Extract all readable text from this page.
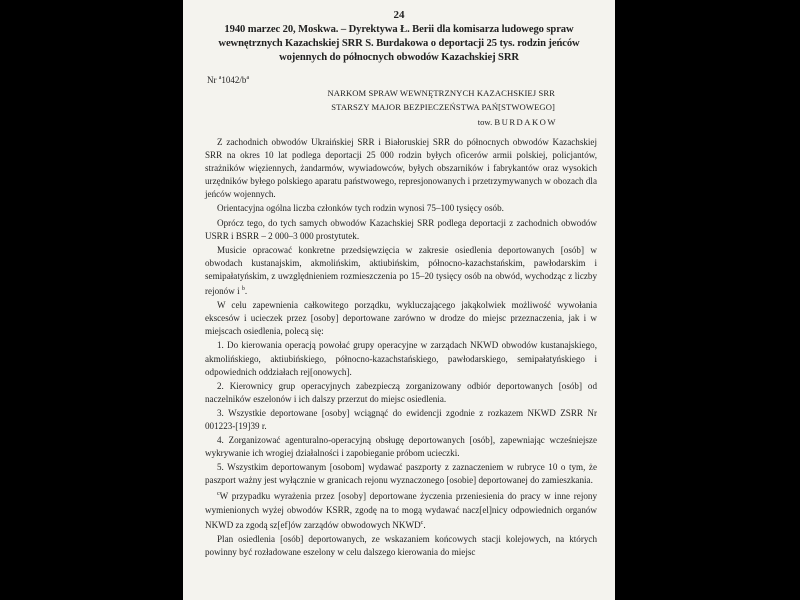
24
1940 marzec 20, Moskwa. – Dyrektywa Ł. Berii dla komisarza ludowego spraw wewnętrznych Kazachskiej SRR S. Burdakowa o deportacji 25 tys. rodzin jeńców wojennych do północnych obwodów Kazachskiej SRR
Nr $^a1042/b^a$
NARKOM SPRAW WEWNĘTRZNYCH KAZACHSKIEJ SRR
STARSZY MAJOR BEZPIECZEŃSTWA PAŃ[STWOWEGO]
tow. BURDAKOW

Z zachodnich obwodów Ukraińskiej SRR i Białoruskiej SRR do północnych obwodów Kazachskiej SRR na okres 10 lat podlega deportacji 25 000 rodzin byłych oficerów armii polskiej, policjantów, strażników więziennych, żandarmów, wywiadowców, byłych obszarników i fabrykantów oraz wysokich urzędników byłego polskiego aparatu państwowego, represjonowanych i przetrzymywanych w obozach dla jeńców wojennych.

Orientacyjna ogólna liczba członków tych rodzin wynosi 75–100 tysięcy osób.

Oprócz tego, do tych samych obwodów Kazachskiej SRR podlega deportacji z zachodnich obwodów USRR i BSRR – 2 000–3 000 prostytutek.

Musicie opracować konkretne przedsięwzięcia w zakresie osiedlenia deportowanych [osób] w obwodach kustanajskim, akmolińskim, aktiubińskim, północno-kazachstańskim, pawłodarskim i semipałatyńskim, z uwzględnieniem rozmieszczenia po 15–20 tysięcy osób na obwód, wychodząc z liczby rejonów i $^b$.

W celu zapewnienia całkowitego porządku, wykluczającego jakąkolwiek możliwość wywołania ekscesów i ucieczek przez [osoby] deportowane zarówno w drodze do miejsc przeznaczenia, jak i w miejscach osiedlenia, polecą się:

1. Do kierowania operacją powołać grupy operacyjne w zarządach NKWD obwodów kustanajskiego, akmolińskiego, aktiubińskiego, północno-kazachstańskiego, pawłodarskiego, semipałatyńskiego i odpowiednich oddziałach rej[onowych].

2. Kierownicy grup operacyjnych zabezpieczą zorganizowany odbiór deportowanych [osób] od naczelników eszelonów i ich dalszy przerzut do miejsc osiedlenia.

3. Wszystkie deportowane [osoby] wciągnąć do ewidencji zgodnie z rozkazem NKWD ZSRR Nr 001223-[19]39 r.

4. Zorganizować agenturalno-operacyjną obsługę deportowanych [osób], zapewniając wcześniejsze wykrywanie ich wrogiej działalności i zapobieganie próbom ucieczki.

5. Wszystkim deportowanym [osobom] wydawać paszporty z zaznaczeniem w rubryce 10 o tym, że paszport ważny jest wyłącznie w granicach rejonu wyznaczonego [osobie] deportowanej do zamieszkania.

$^c$W przypadku wyrażenia przez [osoby] deportowane życzenia przeniesienia do pracy w inne rejony wymienionych wyżej obwodów KSRR, zgodę na to mogą wydawać nacz[el]nicy odpowiednich organów NKWD za zgodą sz[ef]ów zarządów obwodowych NKWD$^c$.

Plan osiedlenia [osób] deportowanych, ze wskazaniem końcowych stacji kolejowych, na których powinny być rozładowane eszelony w celu dalszego kierowania do miejsc
